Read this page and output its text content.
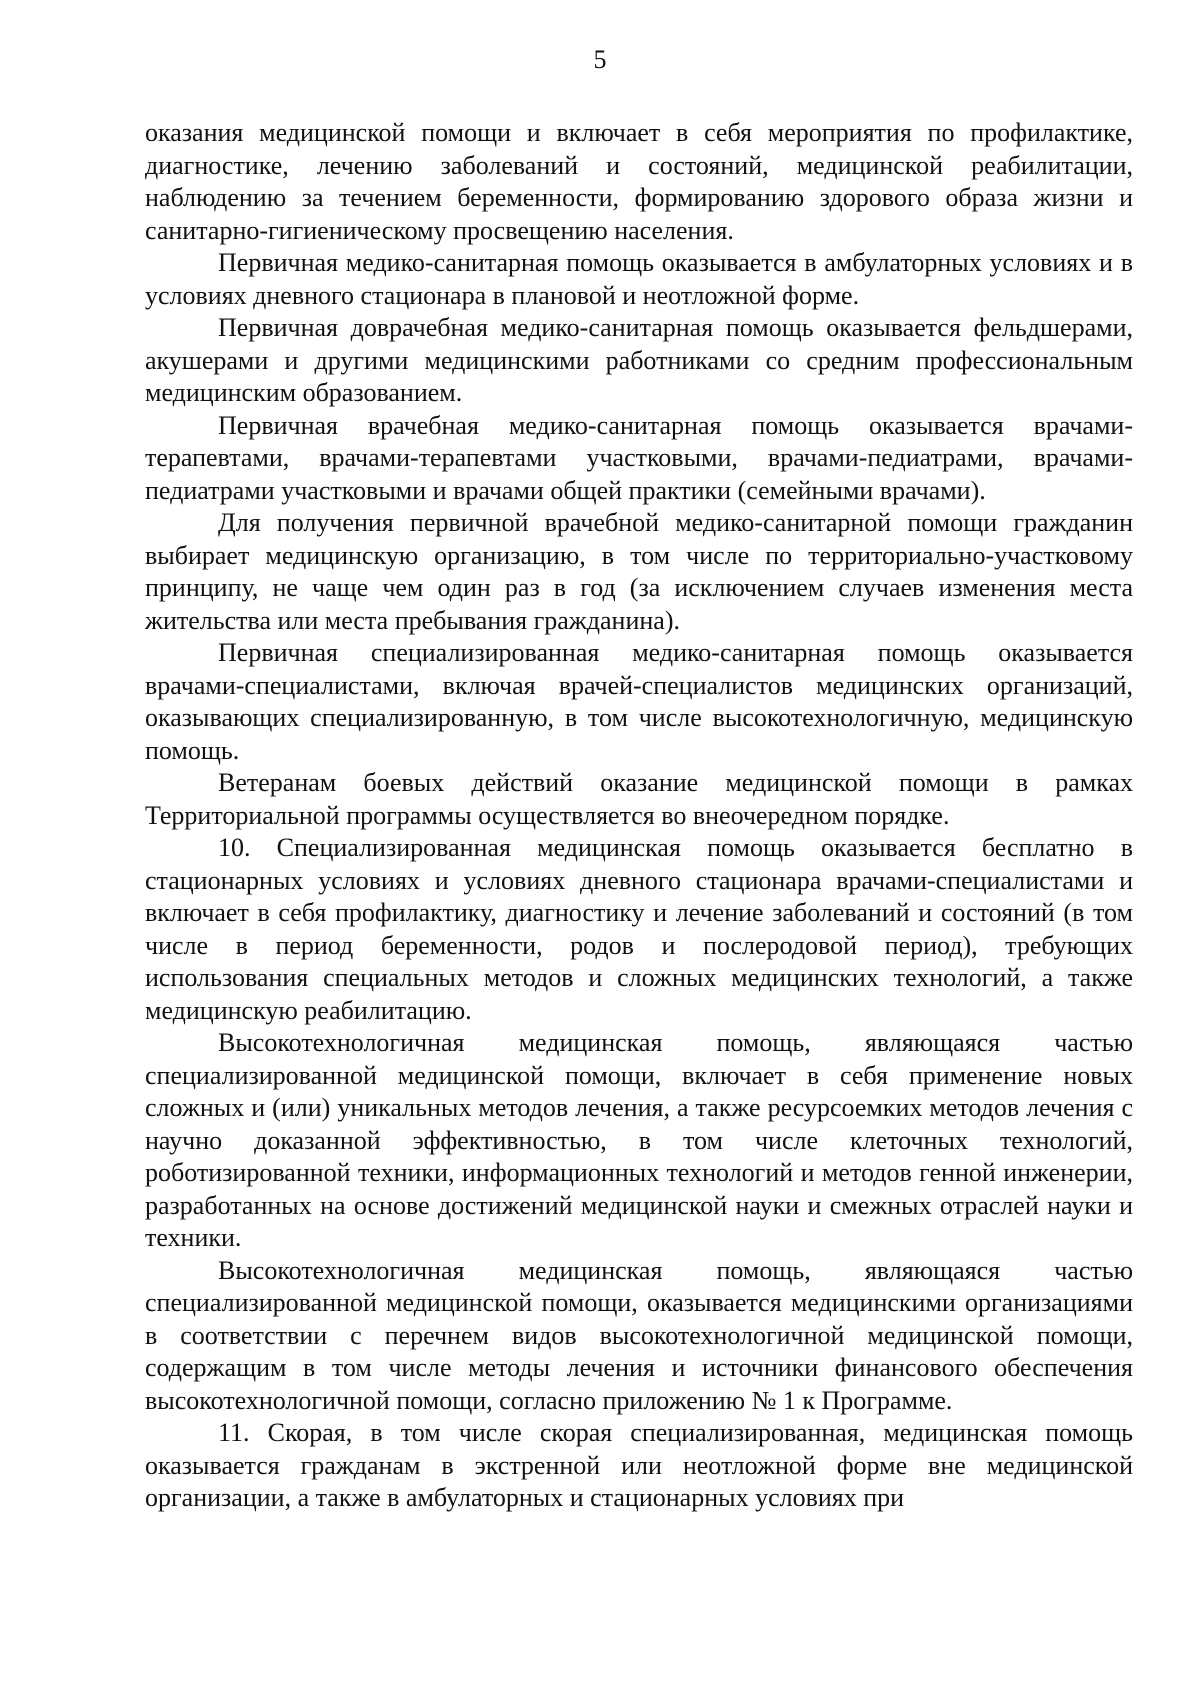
5

оказания медицинской помощи и включает в себя мероприятия по профилактике, диагностике, лечению заболеваний и состояний, медицинской реабилитации, наблюдению за течением беременности, формированию здорового образа жизни и санитарно-гигиеническому просвещению населения.

Первичная медико-санитарная помощь оказывается в амбулаторных условиях и в условиях дневного стационара в плановой и неотложной форме.

Первичная доврачебная медико-санитарная помощь оказывается фельдшерами, акушерами и другими медицинскими работниками со средним профессиональным медицинским образованием.

Первичная врачебная медико-санитарная помощь оказывается врачами-терапевтами, врачами-терапевтами участковыми, врачами-педиатрами, врачами-педиатрами участковыми и врачами общей практики (семейными врачами).

Для получения первичной врачебной медико-санитарной помощи гражданин выбирает медицинскую организацию, в том числе по территориально-участковому принципу, не чаще чем один раз в год (за исключением случаев изменения места жительства или места пребывания гражданина).

Первичная специализированная медико-санитарная помощь оказывается врачами-специалистами, включая врачей-специалистов медицинских организаций, оказывающих специализированную, в том числе высокотехнологичную, медицинскую помощь.

Ветеранам боевых действий оказание медицинской помощи в рамках Территориальной программы осуществляется во внеочередном порядке.

10. Специализированная медицинская помощь оказывается бесплатно в стационарных условиях и условиях дневного стационара врачами-специалистами и включает в себя профилактику, диагностику и лечение заболеваний и состояний (в том числе в период беременности, родов и послеродовой период), требующих использования специальных методов и сложных медицинских технологий, а также медицинскую реабилитацию.

Высокотехнологичная медицинская помощь, являющаяся частью специализированной медицинской помощи, включает в себя применение новых сложных и (или) уникальных методов лечения, а также ресурсоемких методов лечения с научно доказанной эффективностью, в том числе клеточных технологий, роботизированной техники, информационных технологий и методов генной инженерии, разработанных на основе достижений медицинской науки и смежных отраслей науки и техники.

Высокотехнологичная медицинская помощь, являющаяся частью специализированной медицинской помощи, оказывается медицинскими организациями в соответствии с перечнем видов высокотехнологичной медицинской помощи, содержащим в том числе методы лечения и источники финансового обеспечения высокотехнологичной помощи, согласно приложению № 1 к Программе.

11. Скорая, в том числе скорая специализированная, медицинская помощь оказывается гражданам в экстренной или неотложной форме вне медицинской организации, а также в амбулаторных и стационарных условиях при
